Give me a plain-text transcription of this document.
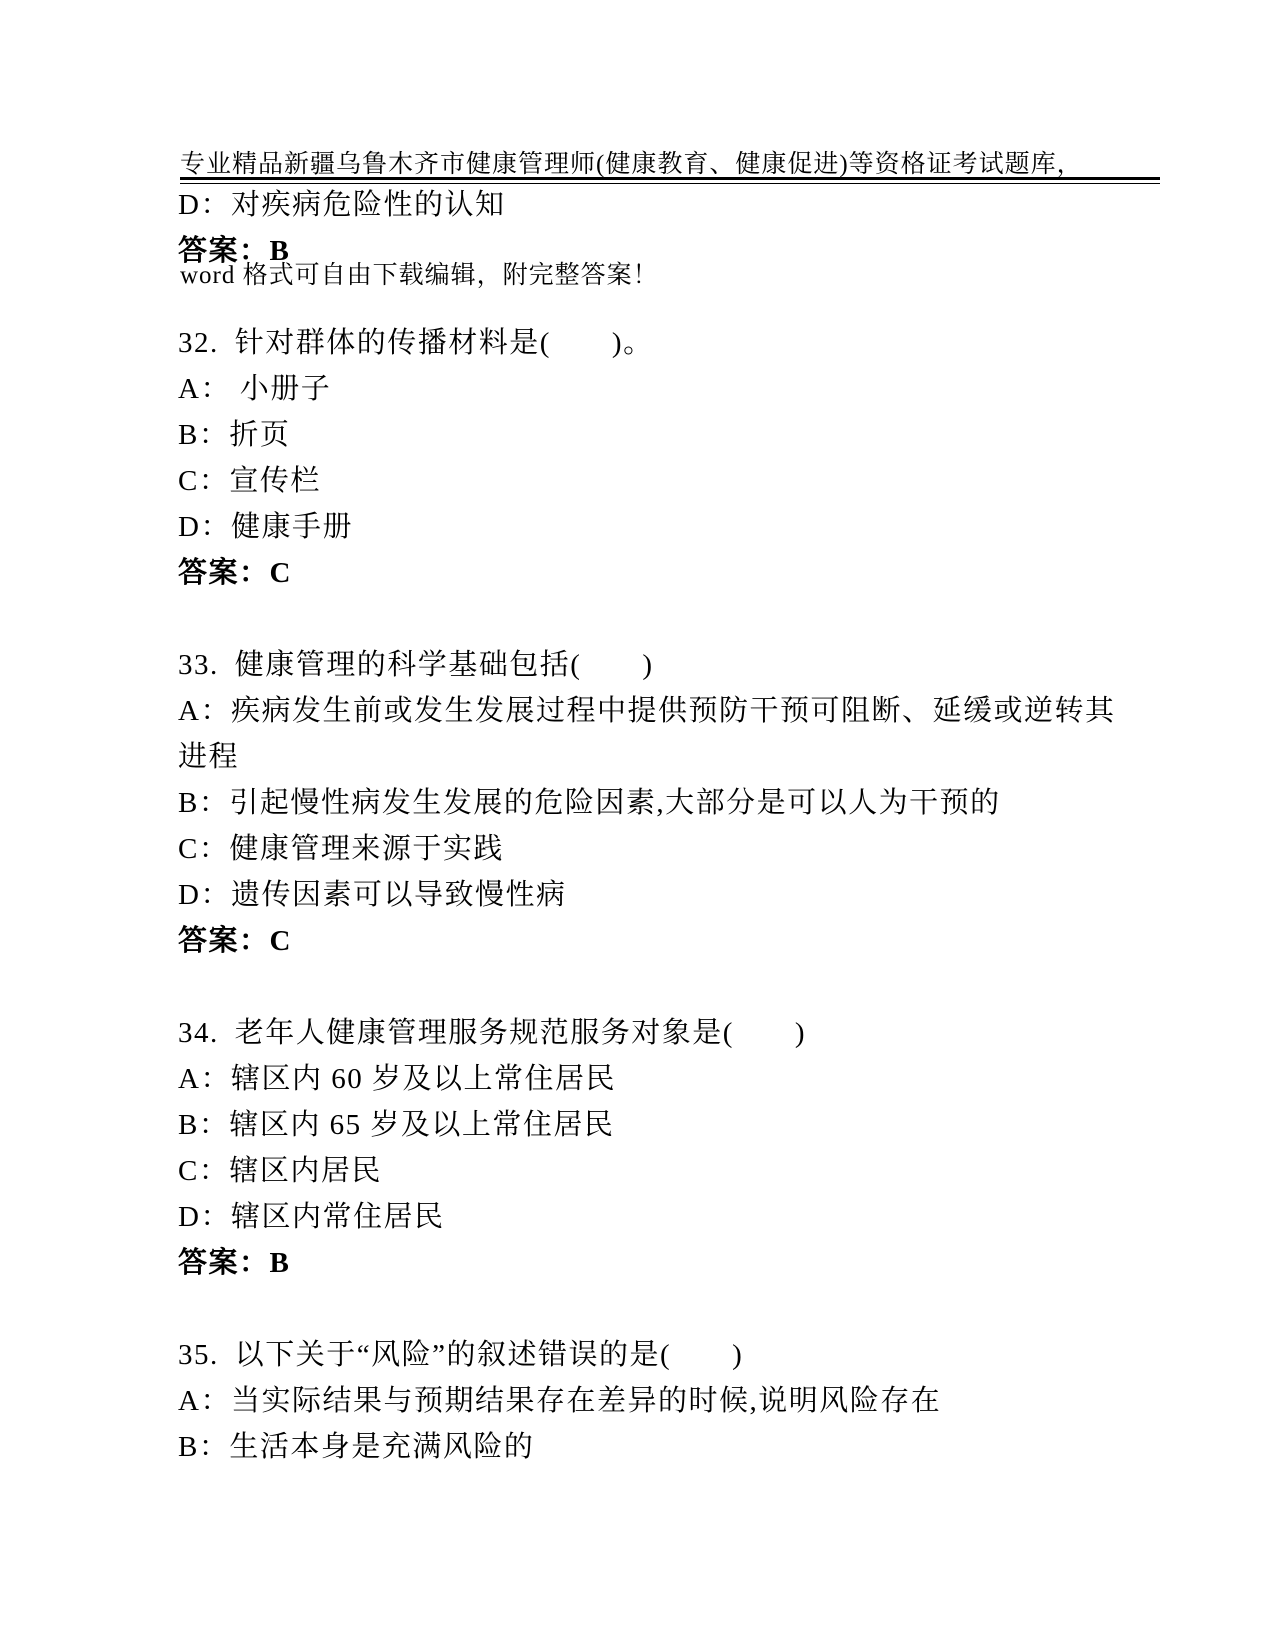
专业精品新疆乌鲁木齐市健康管理师(健康教育、健康促进)等资格证考试题库，

word 格式可自由下载编辑，附完整答案！

D：对疾病危险性的认知

答案：B

32. 针对群体的传播材料是(　　)。

A： 小册子

B：折页

C：宣传栏

D：健康手册

答案：C

33. 健康管理的科学基础包括(　　)

A：疾病发生前或发生发展过程中提供预防干预可阻断、延缓或逆转其进程

B：引起慢性病发生发展的危险因素,大部分是可以人为干预的

C：健康管理来源于实践

D：遗传因素可以导致慢性病

答案：C

34. 老年人健康管理服务规范服务对象是(　　)

A：辖区内 60 岁及以上常住居民

B：辖区内 65 岁及以上常住居民

C：辖区内居民

D：辖区内常住居民

答案：B

35. 以下关于“风险”的叙述错误的是(　　)

A：当实际结果与预期结果存在差异的时候,说明风险存在

B：生活本身是充满风险的
